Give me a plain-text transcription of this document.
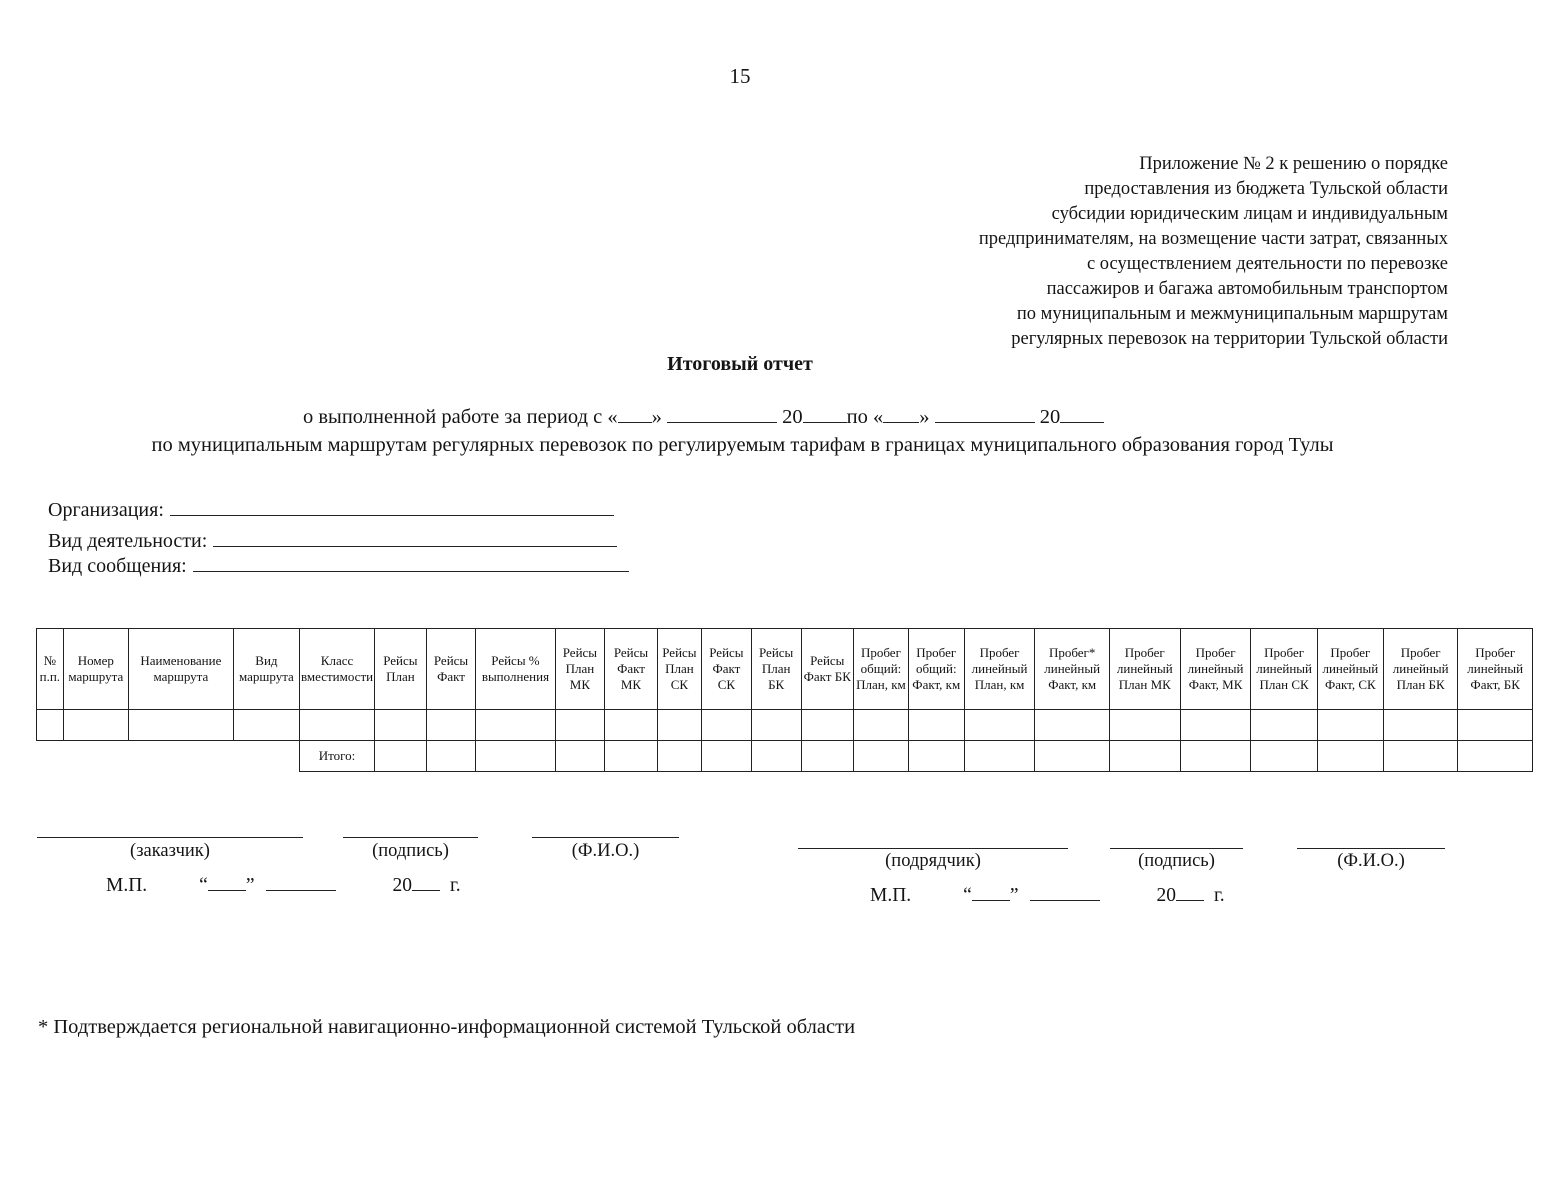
15
Приложение № 2 к решению о порядке
предоставления из бюджета Тульской области
субсидии юридическим лицам и индивидуальным
предпринимателям, на возмещение части затрат, связанных
с осуществлением деятельности по перевозке
пассажиров и багажа автомобильным транспортом
по муниципальным и межмуниципальным маршрутам
регулярных перевозок на территории Тульской области
Итоговый отчет
о выполненной работе за период с « »	20 по « »	20
по муниципальным маршрутам регулярных перевозок по регулируемым тарифам в границах муниципального образования город Тулы
Организация:
Вид деятельности:
Вид сообщения:
№ п.п.	Номер маршрута	Наименование маршрута	Вид маршрута	Класс вместимости	Рейсы План	Рейсы Факт	Рейсы % выполнения	Рейсы План МК	Рейсы Факт МК	Рейсы План СК	Рейсы Факт СК	Рейсы План БК	Рейсы Факт БК	Пробег общий: План, км	Пробег общий: Факт, км	Пробег линейный План, км	Пробег* линейный Факт, км	Пробег линейный План МК	Пробег линейный Факт, МК	Пробег линейный План СК	Пробег линейный Факт, СК	Пробег линейный План БК	Пробег линейный Факт, БК

				Итого:																			
(заказчик)	(подпись)	(Ф.И.О.)
М.П.	“ ”	20 г.
(подрядчик)	(подпись)	(Ф.И.О.)
М.П.	“ ”	20 г.
* Подтверждается региональной навигационно-информационной системой Тульской области
